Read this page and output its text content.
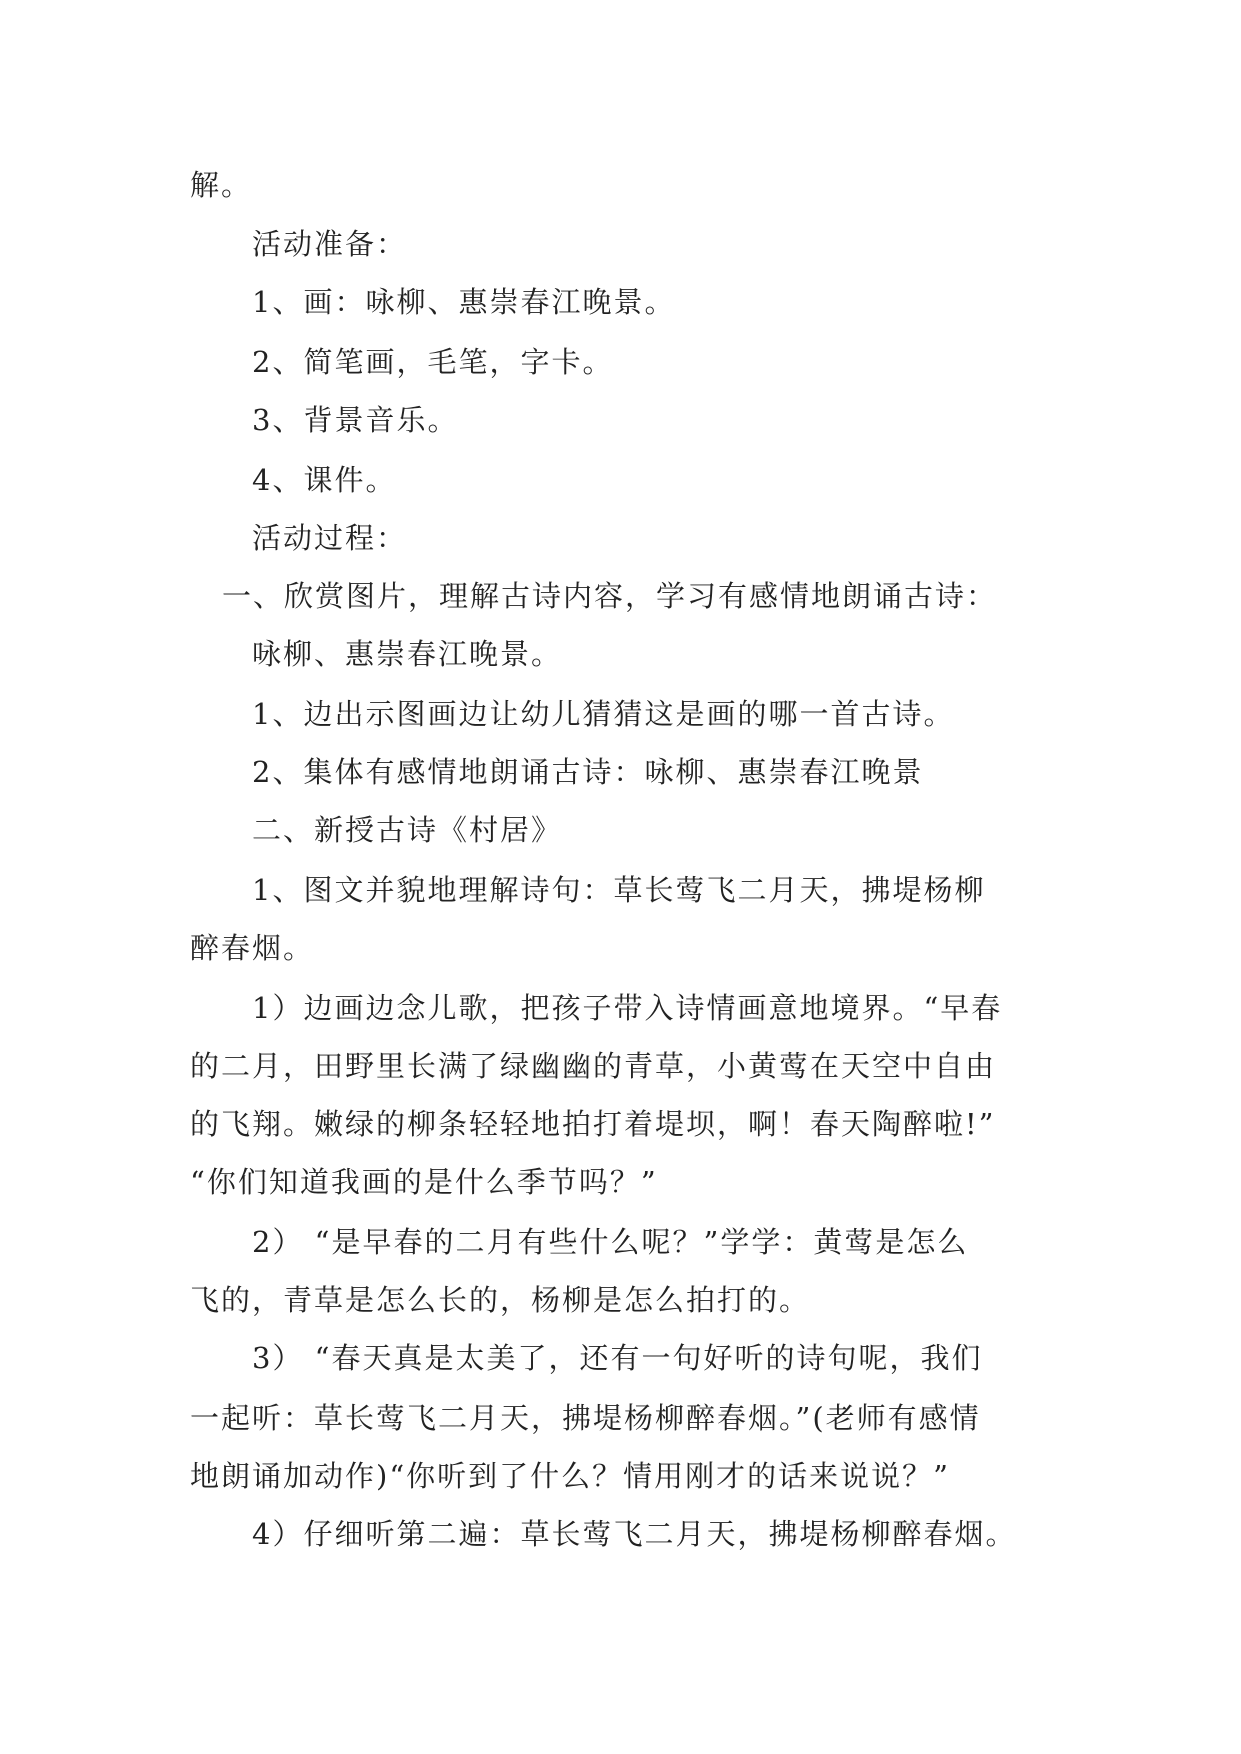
解。
活动准备：
1、画：咏柳、惠崇春江晚景。
2、简笔画，毛笔，字卡。
3、背景音乐。
4、课件。
活动过程：
一、欣赏图片，理解古诗内容，学习有感情地朗诵古诗：
咏柳、惠崇春江晚景。
1、边出示图画边让幼儿猜猜这是画的哪一首古诗。
2、集体有感情地朗诵古诗：咏柳、惠崇春江晚景
二、新授古诗《村居》
1、图文并貌地理解诗句：草长莺飞二月天，拂堤杨柳
醉春烟。
1）边画边念儿歌，把孩子带入诗情画意地境界。“早春
的二月，田野里长满了绿幽幽的青草，小黄莺在天空中自由
的飞翔。嫩绿的柳条轻轻地拍打着堤坝，啊！春天陶醉啦!”
“你们知道我画的是什么季节吗？”
2） “是早春的二月有些什么呢？”学学：黄莺是怎么
飞的，青草是怎么长的，杨柳是怎么拍打的。
3） “春天真是太美了，还有一句好听的诗句呢，我们
一起听：草长莺飞二月天，拂堤杨柳醉春烟。”(老师有感情
地朗诵加动作)“你听到了什么？情用刚才的话来说说？”
4）仔细听第二遍：草长莺飞二月天，拂堤杨柳醉春烟。
